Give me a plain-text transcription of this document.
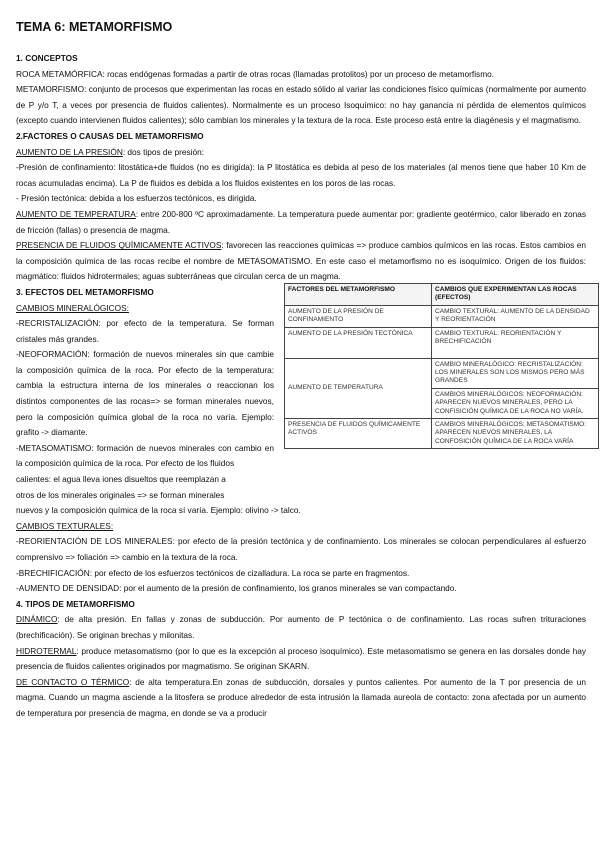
TEMA 6: METAMORFISMO
1. CONCEPTOS

ROCA METAMÓRFICA: rocas endógenas formadas a partir de otras rocas (llamadas protolitos) por un proceso de metamorfismo.

METAMORFISMO: conjunto de procesos que experimentan las rocas en estado sólido al variar las condiciones físico químicas (normalmente por aumento de P y/o T, a veces por presencia de fluidos calientes). Normalmente es un proceso Isoquímico: no hay ganancia ni pérdida de elementos químicos (excepto cuando intervienen fluidos calientes); sólo cambian los minerales y la textura de la roca. Este proceso está entre la diagénesis y el magmatismo.

2.FACTORES O CAUSAS DEL METAMORFISMO

AUMENTO DE LA PRESIÓN: dos tipos de presión:

-Presión de confinamiento: litostática+de fluidos (no es dirigida): la P litostática es debida al peso de los materiales (al menos tiene que haber 10 Km de rocas acumuladas encima). La P de fluidos es debida a los fluidos existentes en los poros de las rocas.

- Presión tectónica: debida a los esfuerzos tectónicos, es dirigida.

AUMENTO DE TEMPERATURA: entre 200-800 ºC aproximadamente. La temperatura puede aumentar por: gradiente geotérmico, calor liberado en zonas de fricción (fallas) o presencia de magma.

PRESENCIA DE FLUIDOS QUÍMICAMENTE ACTIVOS: favorecen las reacciones químicas => produce cambios químicos en las rocas. Estos cambios en la composición química de las rocas recibe el nombre de METASOMATISMO. En este caso el metamorfismo no es isoquímico. Origen de los fluidos: magmático: fluidos hidrotermales; aguas subterráneas que circulan cerca de un magma.

3. EFECTOS DEL METAMORFISMO

CAMBIOS MINERALÓGICOS:

-RECRISTALIZACIÓN: por efecto de la temperatura. Se forman cristales más grandes.

-NEOFORMACIÓN: formación de nuevos minerales sin que cambie la composición química de la roca. Por efecto de la temperatura: cambia la estructura interna de los minerales o reaccionan los distintos componentes de las rocas=> se forman minerales nuevos, pero la composición química global de la roca no varía. Ejemplo: grafito -> diamante.

-METASOMATISMO: formación de nuevos minerales con cambio en la composición química de la roca. Por efecto de los fluidos

calientes: el agua lleva iones disueltos que reemplazan a

otros de los minerales originales => se forman minerales

FACTORES DEL METAMORFISMO	CAMBIOS QUE EXPERIMENTAN LAS ROCAS (EFECTOS)
AUMENTO DE LA PRESIÓN DE CONFINAMIENTO	CAMBIO TEXTURAL: AUMENTO DE LA DENSIDAD Y REORIENTACIÓN
AUMENTO DE LA PRESIÓN TECTÓNICA	CAMBIO TEXTURAL: REORIENTACIÓN Y BRECHIFICACIÓN
AUMENTO DE TEMPERATURA	CAMBIO MINERALÓGICO: RECRISTALIZACIÓN: LOS MINERALES SON LOS MISMOS PERO MÁS GRANDES
	CAMBIOS MINERALÓGICOS: NEOFORMACIÓN: APARECEN NUEVOS MINERALES, PERO LA CONFISICIÓN QUÍMICA DE LA ROCA NO VARÍA.
PRESENCIA DE FLUIDOS QUÍMICAMENTE ACTIVOS	CAMBIOS MINERALÓGICOS: METASOMATISMO: APARECEN NUEVOS MINERALES, LA CONFOSICIÓN QUÍMICA DE LA ROCA VARÍA

nuevos y la composición química de la roca sí varía. Ejemplo: olivino -> talco.

CAMBIOS TEXTURALES:

-REORIENTACIÓN DE LOS MINERALES: por efecto de la presión tectónica y de confinamiento. Los minerales se colocan perpendiculares al esfuerzo comprensivo => foliación => cambio en la textura de la roca.

-BRECHIFICACIÓN: por efecto de los esfuerzos tectónicos de cizalladura. La roca se parte en fragmentos.

-AUMENTO DE DENSIDAD: por el aumento de la presión de confinamiento, los granos minerales se van compactando.

4. TIPOS DE METAMORFISMO

DINÁMICO: de alta presión. En fallas y zonas de subducción. Por aumento de P tectónica o de confinamiento. Las rocas sufren trituraciones (brechificación). Se originan brechas y milonitas.

HIDROTERMAL: produce metasomatismo (por lo que es la excepción al proceso isoquímico). Este metasomatismo se genera en las dorsales donde hay presencia de fluidos calientes originados por magmatismo. Se originan SKARN.

DE CONTACTO O TÉRMICO: de alta temperatura.En zonas de subducción, dorsales y puntos calientes. Por aumento de la T por presencia de un magma. Cuando un magma asciende a la litosfera se produce alrededor de esta intrusión la llamada aureola de contacto: zona afectada por un aumento de temperatura por presencia de magma, en donde se va a producir
